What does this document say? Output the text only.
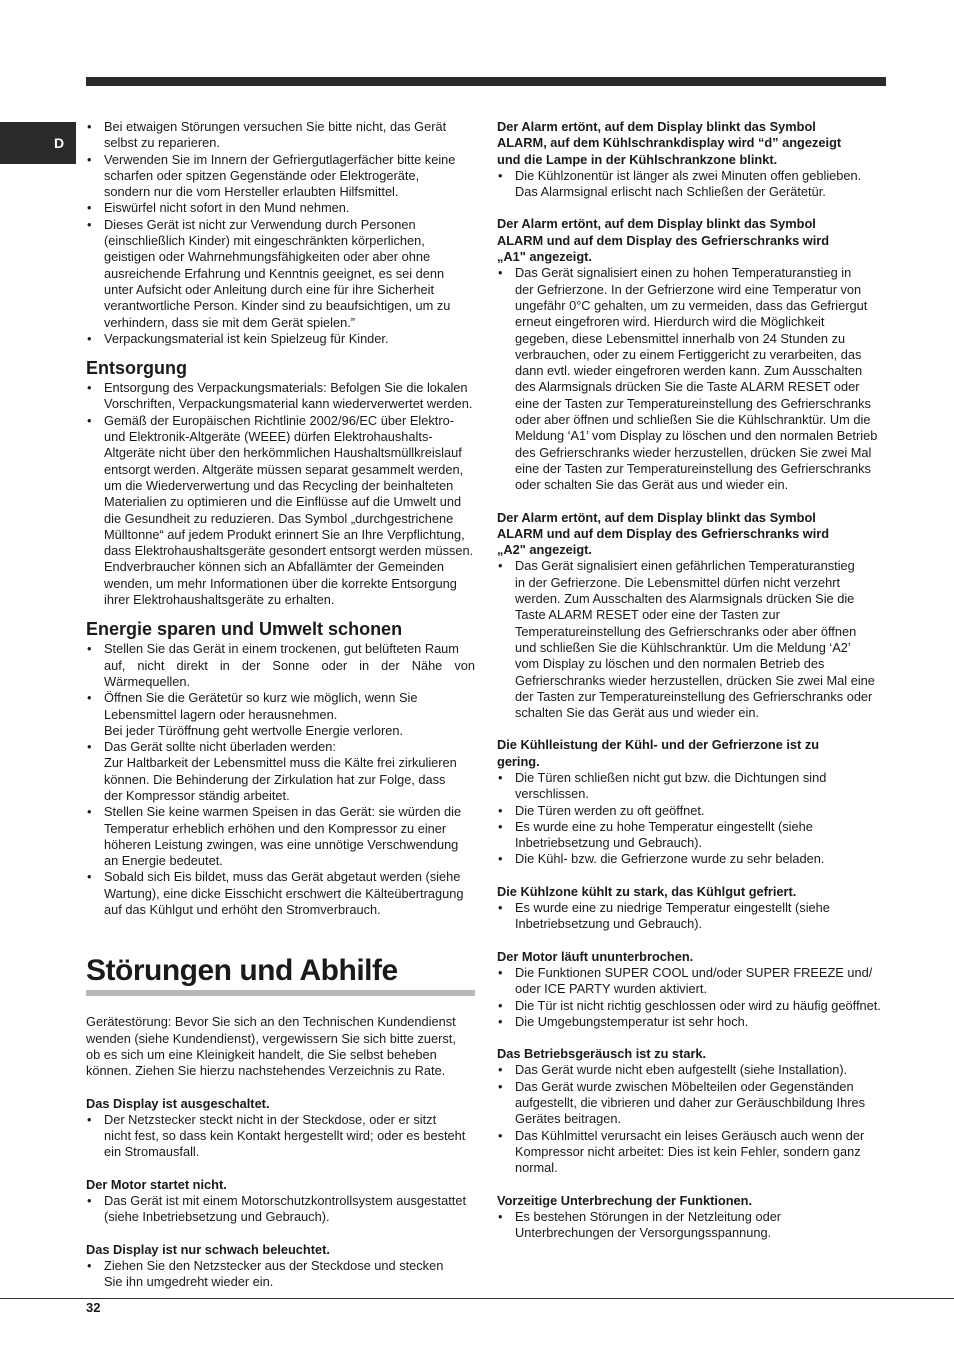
D
• Bei etwaigen Störungen versuchen Sie bitte nicht, das Gerät
selbst zu reparieren.
• Verwenden Sie im Innern der Gefriergutlagerfächer bitte keine
scharfen oder spitzen Gegenstände oder Elektrogeräte,
sondern nur die vom Hersteller erlaubten Hilfsmittel.
• Eiswürfel nicht sofort in den Mund nehmen.
• Dieses Gerät ist nicht zur Verwendung durch Personen
(einschließlich Kinder) mit eingeschränkten körperlichen,
geistigen oder Wahrnehmungsfähigkeiten oder aber ohne
ausreichende Erfahrung und Kenntnis geeignet, es sei denn
unter Aufsicht oder Anleitung durch eine für ihre Sicherheit
verantwortliche Person. Kinder sind zu beaufsichtigen, um zu
verhindern, dass sie mit dem Gerät spielen.”
• Verpackungsmaterial ist kein Spielzeug für Kinder.
Entsorgung
• Entsorgung des Verpackungsmaterials: Befolgen Sie die lokalen
Vorschriften, Verpackungsmaterial kann wiederverwertet werden.
• Gemäß der Europäischen Richtlinie 2002/96/EC über Elektro-
und Elektronik-Altgeräte (WEEE) dürfen Elektrohaushalts-
Altgeräte nicht über den herkömmlichen Haushaltsmüllkreislauf
entsorgt werden. Altgeräte müssen separat gesammelt werden,
um die Wiederverwertung und das Recycling der beinhalteten
Materialien zu optimieren und die Einflüsse auf die Umwelt und
die Gesundheit zu reduzieren. Das Symbol „durchgestrichene
Mülltonne“ auf jedem Produkt erinnert Sie an Ihre Verpflichtung,
dass Elektrohaushaltsgeräte gesondert entsorgt werden müssen.
Endverbraucher können sich an Abfallämter der Gemeinden
wenden, um mehr Informationen über die korrekte Entsorgung
ihrer Elektrohaushaltsgeräte zu erhalten.
Energie sparen und Umwelt schonen
• Stellen Sie das Gerät in einem trockenen, gut belüfteten Raum
auf, nicht direkt in der Sonne oder in der Nähe von Wärmequellen.
• Öffnen Sie die Gerätetür so kurz wie möglich, wenn Sie
Lebensmittel lagern oder herausnehmen.
Bei jeder Türöffnung geht wertvolle Energie verloren.
• Das Gerät sollte nicht überladen werden:
Zur Haltbarkeit der Lebensmittel muss die Kälte frei zirkulieren
können. Die Behinderung der Zirkulation hat zur Folge, dass
der Kompressor ständig arbeitet.
• Stellen Sie keine warmen Speisen in das Gerät: sie würden die
Temperatur erheblich erhöhen und den Kompressor zu einer
höheren Leistung zwingen, was eine unnötige Verschwendung
an Energie bedeutet.
• Sobald sich Eis bildet, muss das Gerät abgetaut werden (siehe
Wartung), eine dicke Eisschicht erschwert die Kälteübertragung
auf das Kühlgut und erhöht den Stromverbrauch.
Störungen und Abhilfe
Gerätestörung: Bevor Sie sich an den Technischen Kundendienst
wenden (siehe Kundendienst), vergewissern Sie sich bitte zuerst,
ob es sich um eine Kleinigkeit handelt, die Sie selbst beheben
können. Ziehen Sie hierzu nachstehendes Verzeichnis zu Rate.
Das Display ist ausgeschaltet.
• Der Netzstecker steckt nicht in der Steckdose, oder er sitzt
nicht fest, so dass kein Kontakt hergestellt wird; oder es besteht
ein Stromausfall.
Der Motor startet nicht.
• Das Gerät ist mit einem Motorschutzkontrollsystem ausgestattet
(siehe Inbetriebsetzung und Gebrauch).
Das Display ist nur schwach beleuchtet.
• Ziehen Sie den Netzstecker aus der Steckdose und stecken
Sie ihn umgedreht wieder ein.
Der Alarm ertönt, auf dem Display blinkt das Symbol
ALARM, auf dem Kühlschrankdisplay wird “d” angezeigt
und die Lampe in der Kühlschrankzone blinkt.
• Die Kühlzonentür ist länger als zwei Minuten offen geblieben.
Das Alarmsignal erlischt nach Schließen der Gerätetür.
Der Alarm ertönt, auf dem Display blinkt das Symbol
ALARM und auf dem Display des Gefrierschranks wird
„A1" angezeigt.
• Das Gerät signalisiert einen zu hohen Temperaturanstieg in
der Gefrierzone. In der Gefrierzone wird eine Temperatur von
ungefähr 0°C gehalten, um zu vermeiden, dass das Gefriergut
erneut eingefroren wird. Hierdurch wird die Möglichkeit
gegeben, diese Lebensmittel innerhalb von 24 Stunden zu
verbrauchen, oder zu einem Fertiggericht zu verarbeiten, das
dann evtl. wieder eingefroren werden kann. Zum Ausschalten
des Alarmsignals drücken Sie die Taste ALARM RESET oder
eine der Tasten zur Temperatureinstellung des Gefrierschranks
oder aber öffnen und schließen Sie die Kühlschranktür. Um die
Meldung ‘A1’ vom Display zu löschen und den normalen Betrieb
des Gefrierschranks wieder herzustellen, drücken Sie zwei Mal
eine der Tasten zur Temperatureinstellung des Gefrierschranks
oder schalten Sie das Gerät aus und wieder ein.
Der Alarm ertönt, auf dem Display blinkt das Symbol
ALARM und auf dem Display des Gefrierschranks wird
„A2" angezeigt.
• Das Gerät signalisiert einen gefährlichen Temperaturanstieg
in der Gefrierzone. Die Lebensmittel dürfen nicht verzehrt
werden. Zum Ausschalten des Alarmsignals drücken Sie die
Taste ALARM RESET oder eine der Tasten zur
Temperatureinstellung des Gefrierschranks oder aber öffnen
und schließen Sie die Kühlschranktür. Um die Meldung ‘A2’
vom Display zu löschen und den normalen Betrieb des
Gefrierschranks wieder herzustellen, drücken Sie zwei Mal eine
der Tasten zur Temperatureinstellung des Gefrierschranks oder
schalten Sie das Gerät aus und wieder ein.
Die Kühlleistung der Kühl- und der Gefrierzone ist zu
gering.
• Die Türen schließen nicht gut bzw. die Dichtungen sind
verschlissen.
• Die Türen werden zu oft geöffnet.
• Es wurde eine zu hohe Temperatur eingestellt (siehe
Inbetriebsetzung und Gebrauch).
• Die Kühl- bzw. die Gefrierzone wurde zu sehr beladen.
Die Kühlzone kühlt zu stark, das Kühlgut gefriert.
• Es wurde eine zu niedrige Temperatur eingestellt (siehe
Inbetriebsetzung und Gebrauch).
Der Motor läuft ununterbrochen.
• Die Funktionen SUPER COOL und/oder SUPER FREEZE und/
oder ICE PARTY wurden aktiviert.
• Die Tür ist nicht richtig geschlossen oder wird zu häufig geöffnet.
• Die Umgebungstemperatur ist sehr hoch.
Das Betriebsgeräusch ist zu stark.
• Das Gerät wurde nicht eben aufgestellt (siehe Installation).
• Das Gerät wurde zwischen Möbelteilen oder Gegenständen
aufgestellt, die vibrieren und daher zur Geräuschbildung Ihres
Gerätes beitragen.
• Das Kühlmittel verursacht ein leises Geräusch auch wenn der
Kompressor nicht arbeitet: Dies ist kein Fehler, sondern ganz
normal.
Vorzeitige Unterbrechung der Funktionen.
• Es bestehen Störungen in der Netzleitung oder
Unterbrechungen der Versorgungsspannung.
32
